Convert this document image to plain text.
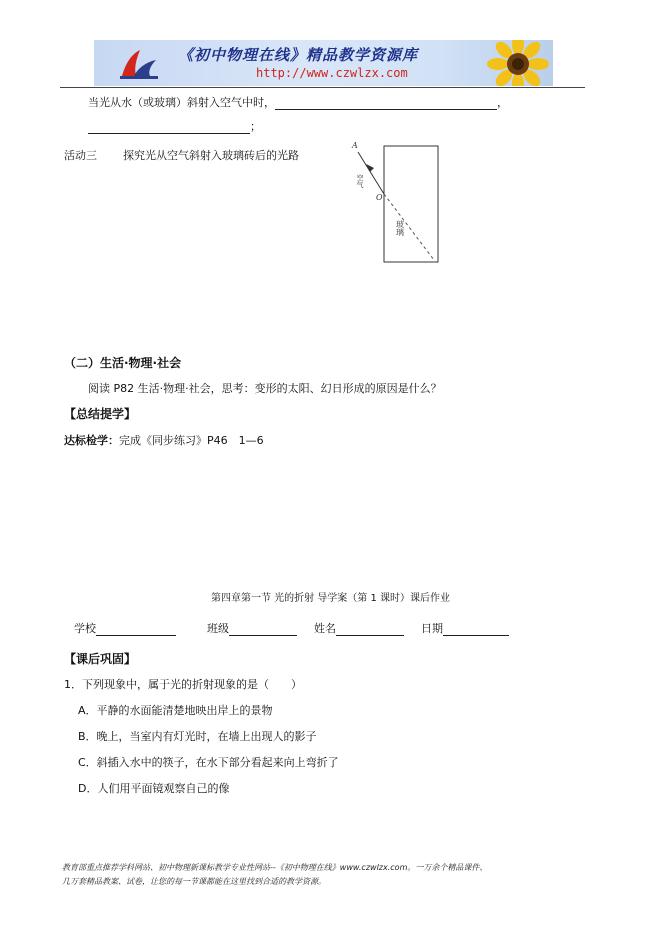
《初中物理在线》精品教学资源库
http://www.czwlzx.com
当光从水（或玻璃）斜射入空气中时，	，
；
活动三 探究光从空气斜射入玻璃砖后的光路
A
空气
O
玻璃
（二）生活·物理·社会
阅读 P82 生活·物理·社会，思考：变形的太阳、幻日形成的原因是什么？
【总结提学】
达标检学：完成《同步练习》P46　1—6
第四章第一节 光的折射 导学案（第 1 课时）课后作业
学校	班级	姓名	日期
【课后巩固】
1．下列现象中，属于光的折射现象的是（　　）
A．平静的水面能清楚地映出岸上的景物
B．晚上，当室内有灯光时，在墙上出现人的影子
C．斜插入水中的筷子，在水下部分看起来向上弯折了
D．人们用平面镜观察自己的像
教育部重点推荐学科网站、初中物理新课标教学专业性网站--《初中物理在线》www.czwlzx.com。一万余个精品课件、
几万套精品教案、试卷，让您的每一节课都能在这里找到合适的教学资源。
